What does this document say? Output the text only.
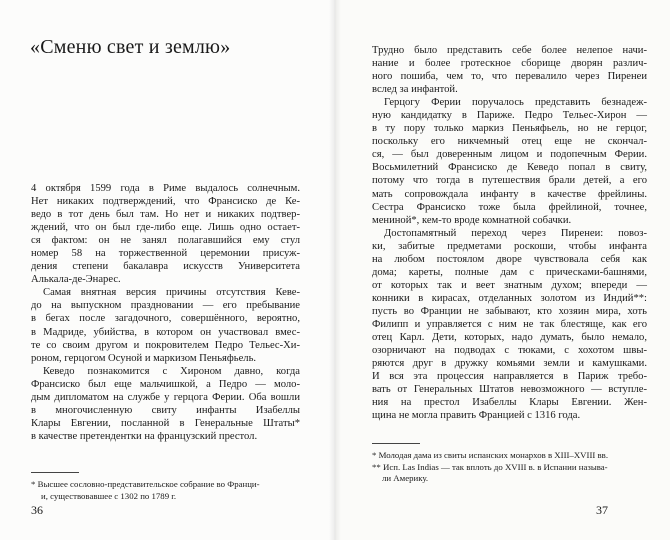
«Сменю свет и землю»
4 октября 1599 года в Риме выдалось солнечным.
Нет никаких подтверждений, что Франсиско де Ке-
ведо в тот день был там. Но нет и никаких подтвер-
ждений, что он был где-либо еще. Лишь одно остает-
ся фактом: он не занял полагавшийся ему стул
номер 58 на торжественной церемонии присуж-
дения степени бакалавра искусств Университета
Алькала-де-Энарес.
Самая внятная версия причины отсутствия Кеве-
до на выпускном праздновании — его пребывание
в бегах после загадочного, совершённого, вероятно,
в Мадриде, убийства, в котором он участвовал вмес-
те со своим другом и покровителем Педро Тельес-Хи-
роном, герцогом Осуной и маркизом Пеньяфьель.
Кеведо познакомится с Хироном давно, когда
Франсиско был еще мальчишкой, а Педро — моло-
дым дипломатом на службе у герцога Ферии. Оба вошли
в многочисленную свиту инфанты Изабеллы
Клары Евгении, посланной в Генеральные Штаты*
в качестве претендентки на французский престол.
* Высшее сословно-представительское собрание во Франци-
и, существовавшее с 1302 по 1789 г.
36
Трудно было представить себе более нелепое начи-
нание и более гротескное сборище дворян различ-
ного пошиба, чем то, что перевалило через Пиренеи
вслед за инфантой.
Герцогу Ферии поручалось представить безнадеж-
ную кандидатку в Париже. Педро Тельес-Хирон —
в ту пору только маркиз Пеньяфьель, но не герцог,
поскольку его никчемный отец еще не скончал-
ся, — был доверенным лицом и подопечным Ферии.
Восьмилетний Франсиско де Кеведо попал в свиту,
потому что тогда в путешествия брали детей, а его
мать сопровождала инфанту в качестве фрейлины.
Сестра Франсиско тоже была фрейлиной, точнее,
мениной*, кем-то вроде комнатной собачки.
Достопамятный переход через Пиренеи: повоз-
ки, забитые предметами роскоши, чтобы инфанта
на любом постоялом дворе чувствовала себя как
дома; кареты, полные дам с прическами-башнями,
от которых так и веет знатным духом; впереди —
конники в кирасах, отделанных золотом из Индий**:
пусть во Франции не забывают, кто хозяин мира, хоть
Филипп и управляется с ним не так блестяще, как его
отец Карл. Дети, которых, надо думать, было немало,
озорничают на подводах с тюками, с хохотом швы-
ряются друг в дружку комьями земли и камушками.
И вся эта процессия направляется в Париж требо-
вать от Генеральных Штатов невозможного — вступле-
ния на престол Изабеллы Клары Евгении. Жен-
щина не могла править Францией с 1316 года.
* Молодая дама из свиты испанских монархов в XIII–XVIII вв.
** Исп. Las Indias — так вплоть до XVIII в. в Испании называ-
ли Америку.
37
